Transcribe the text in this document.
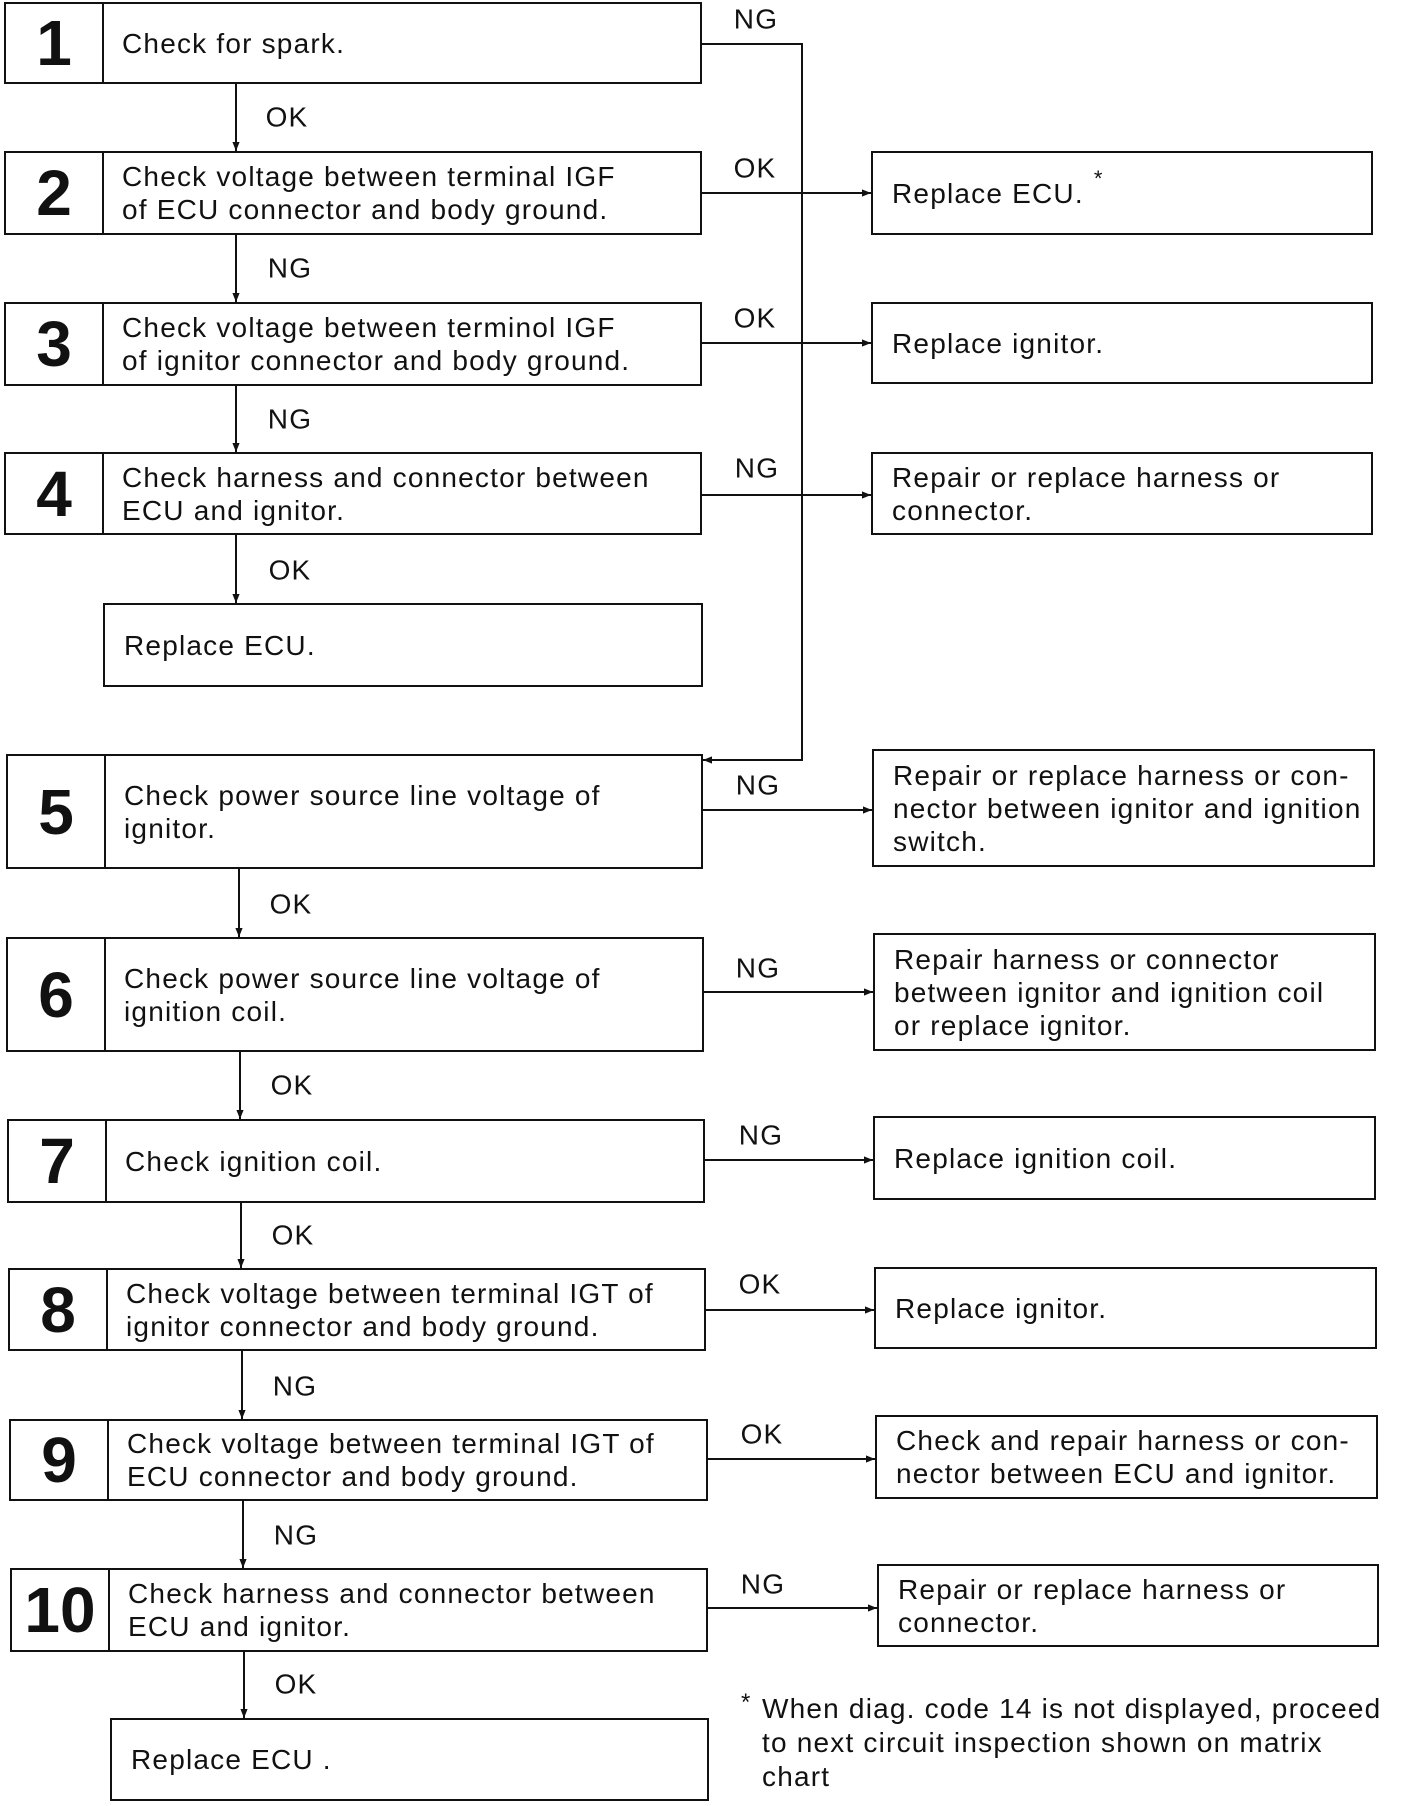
1	Check for spark.
2	Check voltage between terminal IGF
of ECU connector and body ground.
3	Check voltage between terminol IGF
of ignitor connector and body ground.
4	Check harness and connector between
ECU and ignitor.
Replace ECU.
5	Check power source line voltage of
ignitor.
6	Check power source line voltage of
ignition coil.
7	Check ignition coil.
8	Check voltage between terminal IGT of
ignitor connector and body ground.
9	Check voltage between terminal IGT of
ECU connector and body ground.
10	Check harness and connector between
ECU and ignitor.
Replace ECU .
Replace ECU. *
Replace ignitor.
Repair or replace harness or
connector.
Repair or replace harness or con-
nector between ignitor and ignition
switch.
Repair harness or connector
between ignitor and ignition coil
or replace ignitor.
Replace ignition coil.
Replace ignitor.
Check and repair harness or con-
nector between ECU and ignitor.
Repair or replace harness or
connector.
NG
OK
OK
NG
OK
NG
NG
OK
NG
OK
NG
OK
NG
OK
OK
NG
OK
NG
NG
OK
* When diag. code 14 is not displayed, proceed
to next circuit inspection shown on matrix
chart
